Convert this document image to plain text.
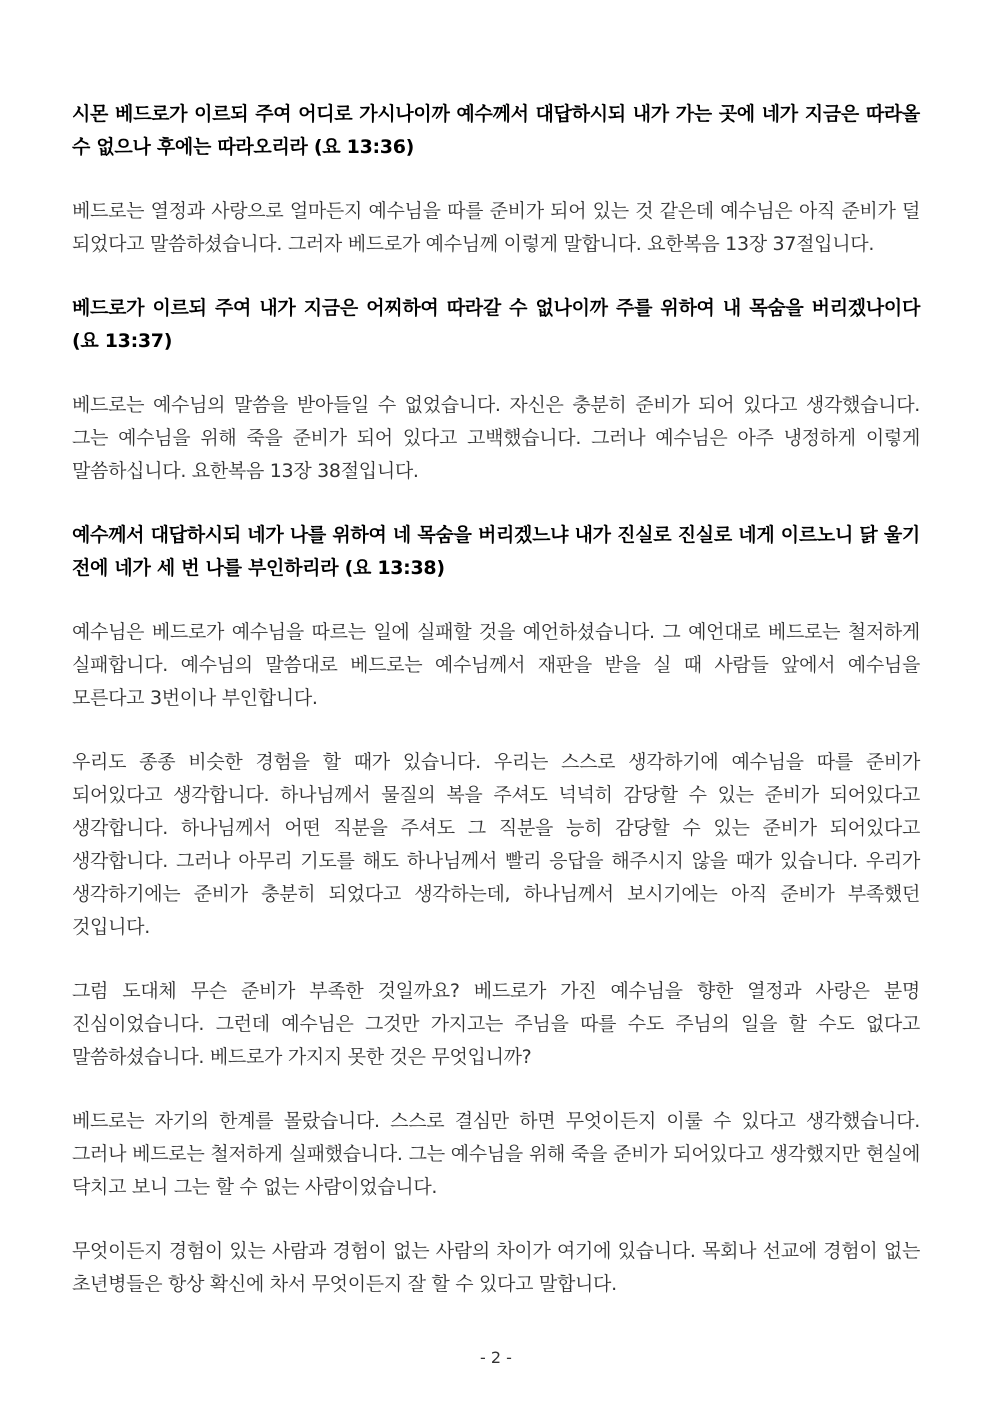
시몬 베드로가 이르되 주여 어디로 가시나이까 예수께서 대답하시되 내가 가는 곳에 네가 지금은 따라올 수 없으나 후에는 따라오리라 (요 13:36)

베드로는 열정과 사랑으로 얼마든지 예수님을 따를 준비가 되어 있는 것 같은데 예수님은 아직 준비가 덜 되었다고 말씀하셨습니다. 그러자 베드로가 예수님께 이렇게 말합니다. 요한복음 13장 37절입니다.

베드로가 이르되 주여 내가 지금은 어찌하여 따라갈 수 없나이까 주를 위하여 내 목숨을 버리겠나이다 (요 13:37)

베드로는 예수님의 말씀을 받아들일 수 없었습니다. 자신은 충분히 준비가 되어 있다고 생각했습니다. 그는 예수님을 위해 죽을 준비가 되어 있다고 고백했습니다. 그러나 예수님은 아주 냉정하게 이렇게 말씀하십니다. 요한복음 13장 38절입니다.

예수께서 대답하시되 네가 나를 위하여 네 목숨을 버리겠느냐 내가 진실로 진실로 네게 이르노니 닭 울기 전에 네가 세 번 나를 부인하리라 (요 13:38)

예수님은 베드로가 예수님을 따르는 일에 실패할 것을 예언하셨습니다. 그 예언대로 베드로는 철저하게 실패합니다. 예수님의 말씀대로 베드로는 예수님께서 재판을 받을 실 때 사람들 앞에서 예수님을 모른다고 3번이나 부인합니다.

우리도 종종 비슷한 경험을 할 때가 있습니다. 우리는 스스로 생각하기에 예수님을 따를 준비가 되어있다고 생각합니다. 하나님께서 물질의 복을 주셔도 넉넉히 감당할 수 있는 준비가 되어있다고 생각합니다. 하나님께서 어떤 직분을 주셔도 그 직분을 능히 감당할 수 있는 준비가 되어있다고 생각합니다. 그러나 아무리 기도를 해도 하나님께서 빨리 응답을 해주시지 않을 때가 있습니다. 우리가 생각하기에는 준비가 충분히 되었다고 생각하는데, 하나님께서 보시기에는 아직 준비가 부족했던 것입니다.

그럼 도대체 무슨 준비가 부족한 것일까요? 베드로가 가진 예수님을 향한 열정과 사랑은 분명 진심이었습니다. 그런데 예수님은 그것만 가지고는 주님을 따를 수도 주님의 일을 할 수도 없다고 말씀하셨습니다. 베드로가 가지지 못한 것은 무엇입니까?

베드로는 자기의 한계를 몰랐습니다. 스스로 결심만 하면 무엇이든지 이룰 수 있다고 생각했습니다. 그러나 베드로는 철저하게 실패했습니다. 그는 예수님을 위해 죽을 준비가 되어있다고 생각했지만 현실에 닥치고 보니 그는 할 수 없는 사람이었습니다.

무엇이든지 경험이 있는 사람과 경험이 없는 사람의 차이가 여기에 있습니다. 목회나 선교에 경험이 없는 초년병들은 항상 확신에 차서 무엇이든지 잘 할 수 있다고 말합니다.

- 2 -
